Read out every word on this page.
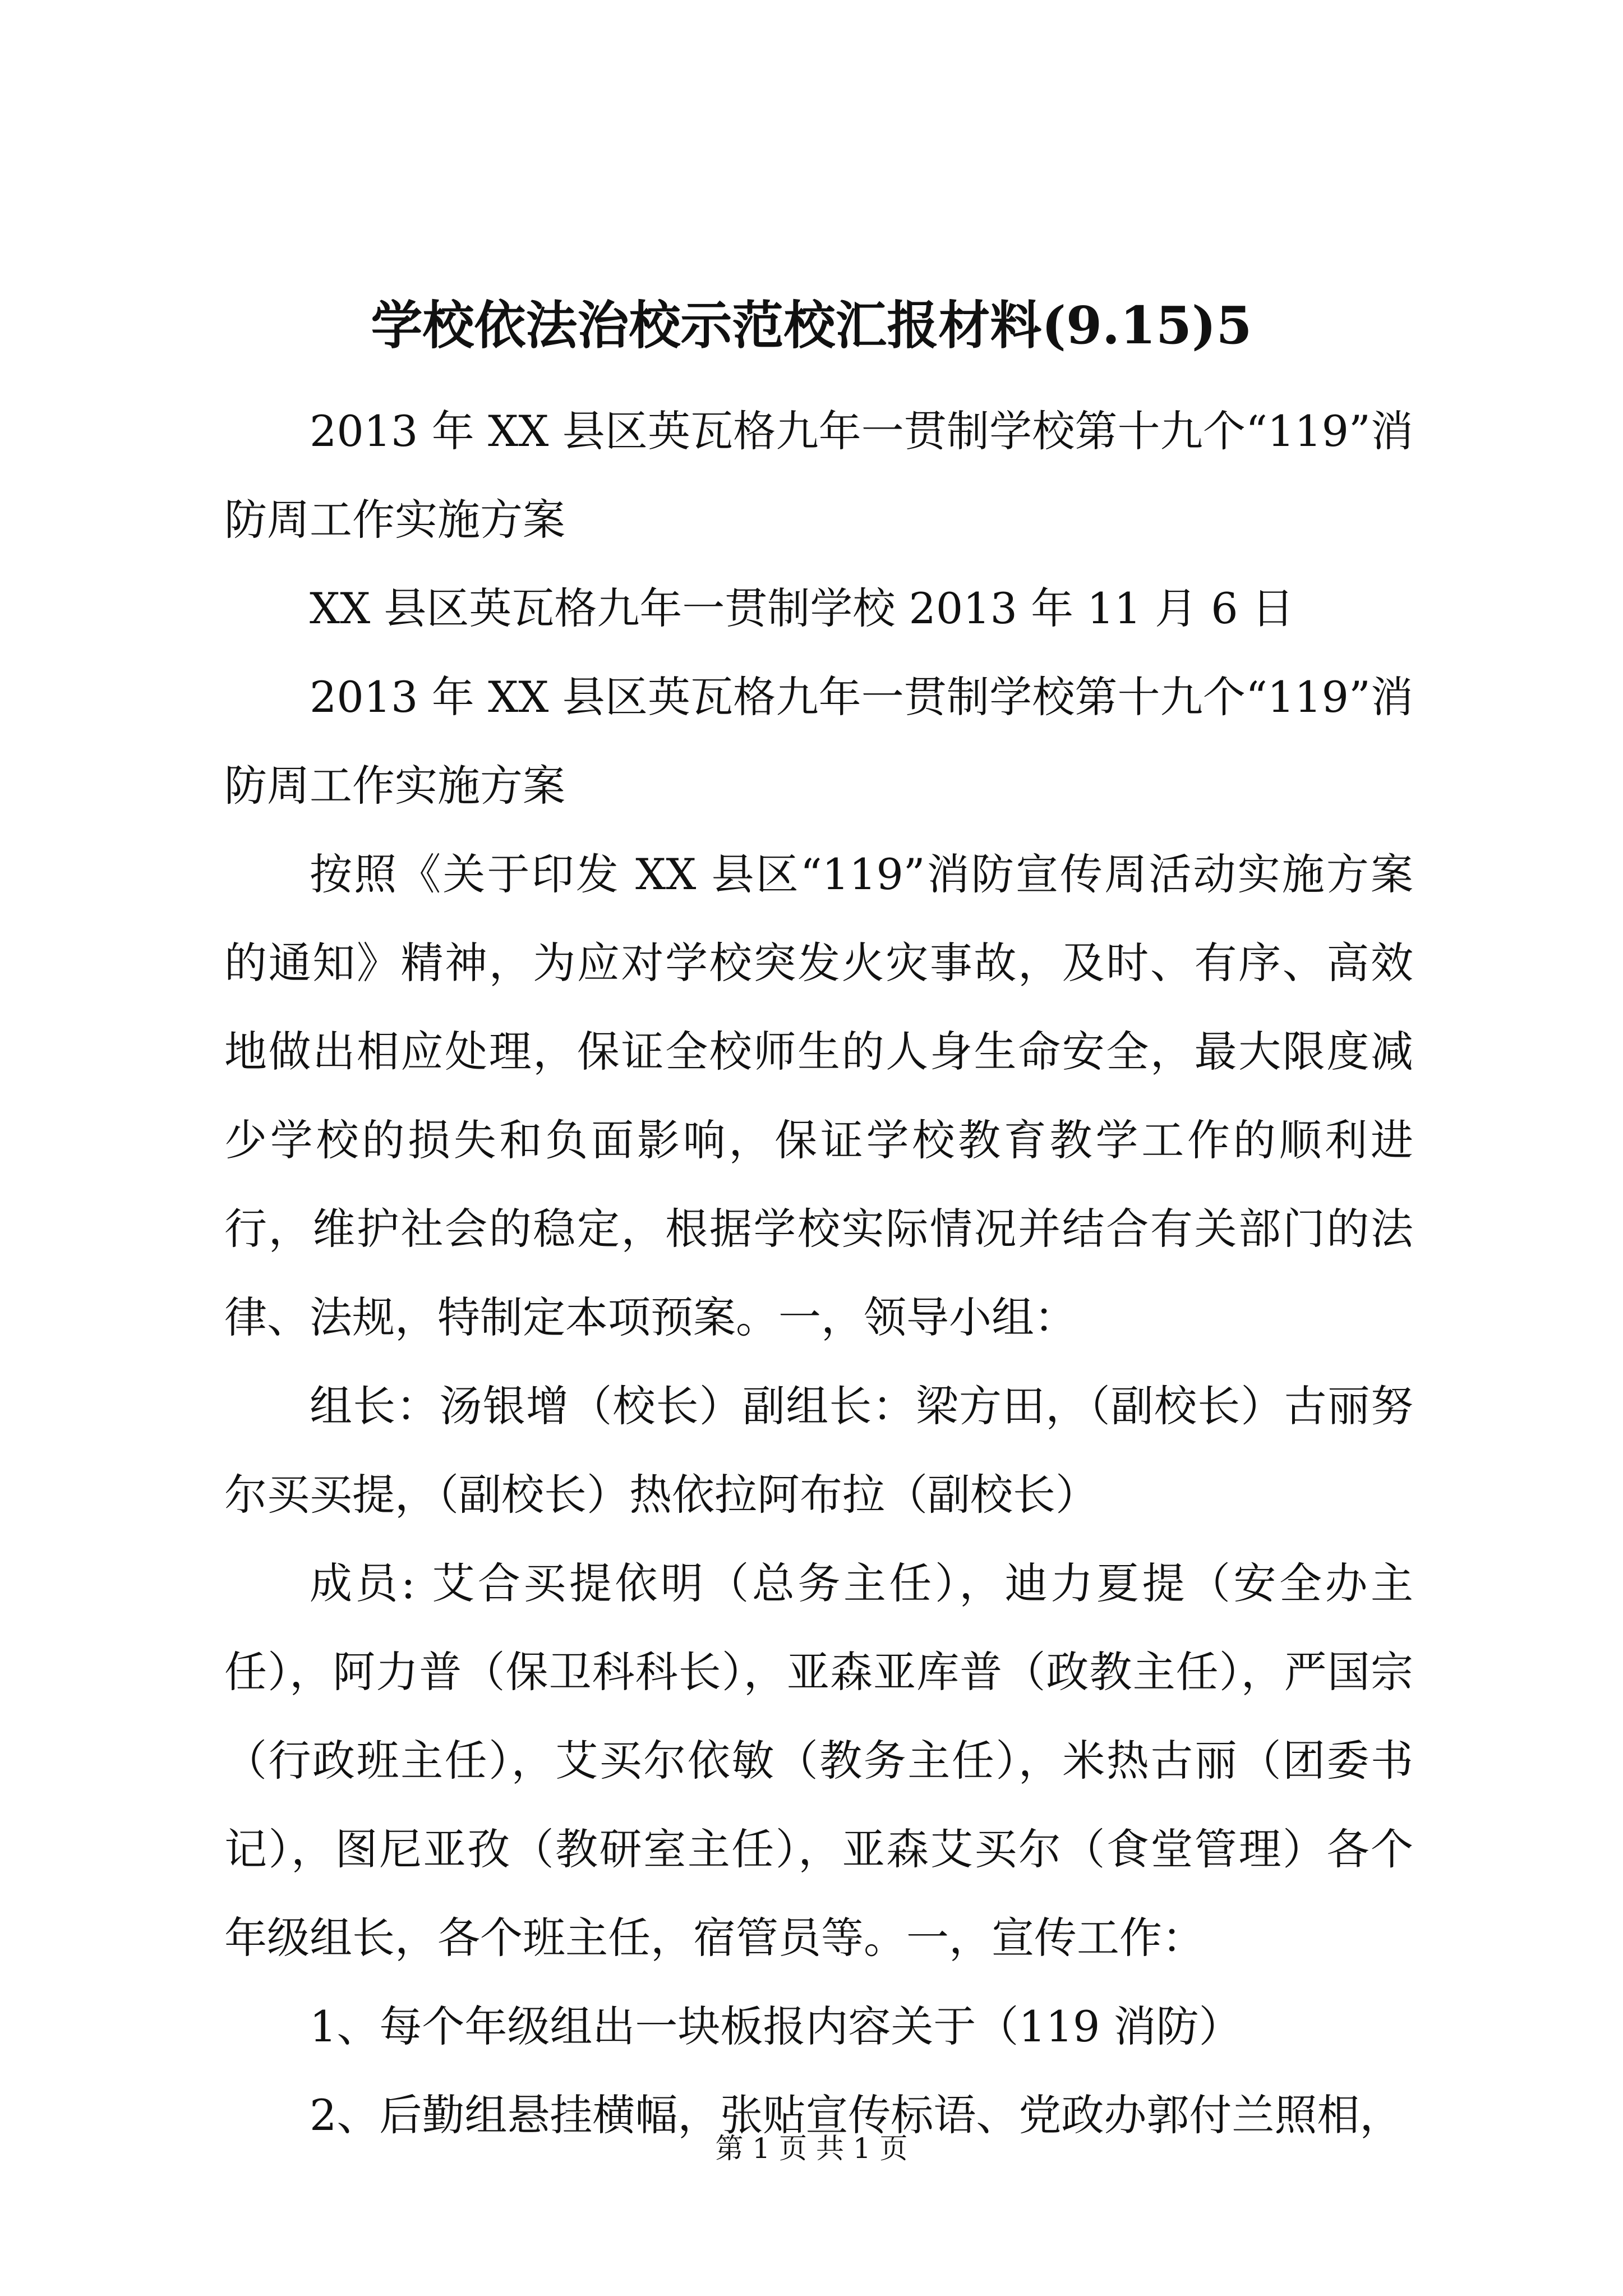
学校依法治校示范校汇报材料(9.15)5

2013 年 XX 县区英瓦格九年一贯制学校第十九个“119”消防周工作实施方案

XX 县区英瓦格九年一贯制学校 2013 年 11 月 6 日

2013 年 XX 县区英瓦格九年一贯制学校第十九个“119”消防周工作实施方案

按照《关于印发 XX 县区“119”消防宣传周活动实施方案的通知》精神，为应对学校突发火灾事故，及时、有序、高效地做出相应处理，保证全校师生的人身生命安全，最大限度减少学校的损失和负面影响，保证学校教育教学工作的顺利进行，维护社会的稳定，根据学校实际情况并结合有关部门的法律、法规，特制定本项预案。一，领导小组：

组长：汤银增（校长）副组长：梁方田，（副校长）古丽努尔买买提，（副校长）热依拉阿布拉（副校长）

成员: 艾合买提依明（总务主任），迪力夏提（安全办主任），阿力普（保卫科科长），亚森亚库普（政教主任），严国宗（行政班主任），艾买尔依敏（教务主任），米热古丽（团委书记），图尼亚孜（教研室主任），亚森艾买尔（食堂管理）各个年级组长，各个班主任，宿管员等。一，宣传工作：

1、每个年级组出一块板报内容关于（119 消防）

2、后勤组悬挂横幅，张贴宣传标语、党政办郭付兰照相，

第 1 页 共 1 页
